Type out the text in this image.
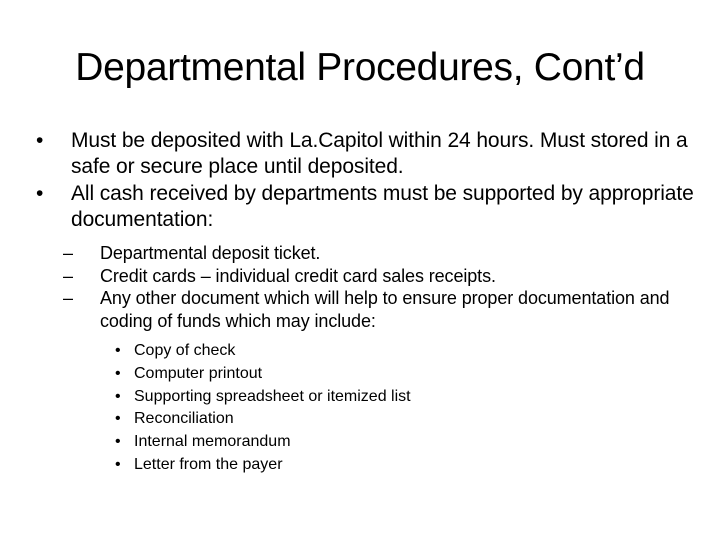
Departmental Procedures, Cont’d
•	Must be deposited with La.Capitol within 24 hours. Must stored in a safe or secure place until deposited.
•	All cash received by departments must be supported by appropriate documentation:
–	Departmental deposit ticket.
–	Credit cards – individual credit card sales receipts.
–	Any other document which will help to ensure proper documentation and coding of funds which may include:
• Copy of check
• Computer printout
• Supporting spreadsheet or itemized list
• Reconciliation
• Internal memorandum
• Letter from the payer
